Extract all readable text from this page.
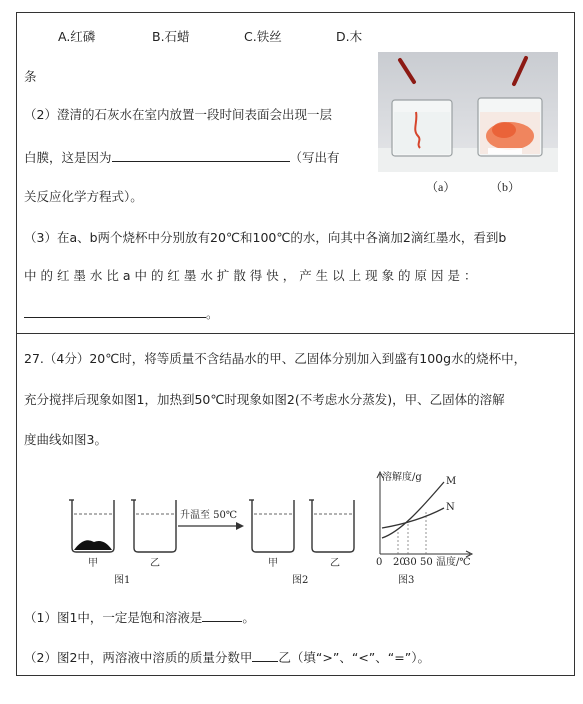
A.红磷	B.石蜡	C.铁丝	D.木
条
（2）澄清的石灰水在室内放置一段时间表面会出现一层
白膜，这是因为	（写出有
关反应化学方程式）。
（a）	（b）
（3）在a、b两个烧杯中分别放有20℃和100℃的水，向其中各滴加2滴红墨水，看到b
中 的 红 墨 水 比 a 中 的 红 墨 水 扩 散 得 快 ， 产 生 以 上 现 象 的 原 因 是 ：
。
27.（4分）20℃时，将等质量不含结晶水的甲、乙固体分别加入到盛有100g水的烧杯中，
充分搅拌后现象如图1，加热到50℃时现象如图2(不考虑水分蒸发)，甲、乙固体的溶解
度曲线如图3。
升温至 50℃
甲	乙	甲	乙
图1	图2
溶解度/g M
N
0 20
30 50 温度/℃
图3
（1）图1中，一定是饱和溶液是	。
（2）图2中，两溶液中溶质的质量分数甲 乙（填“>”、“<”、“=”）。
